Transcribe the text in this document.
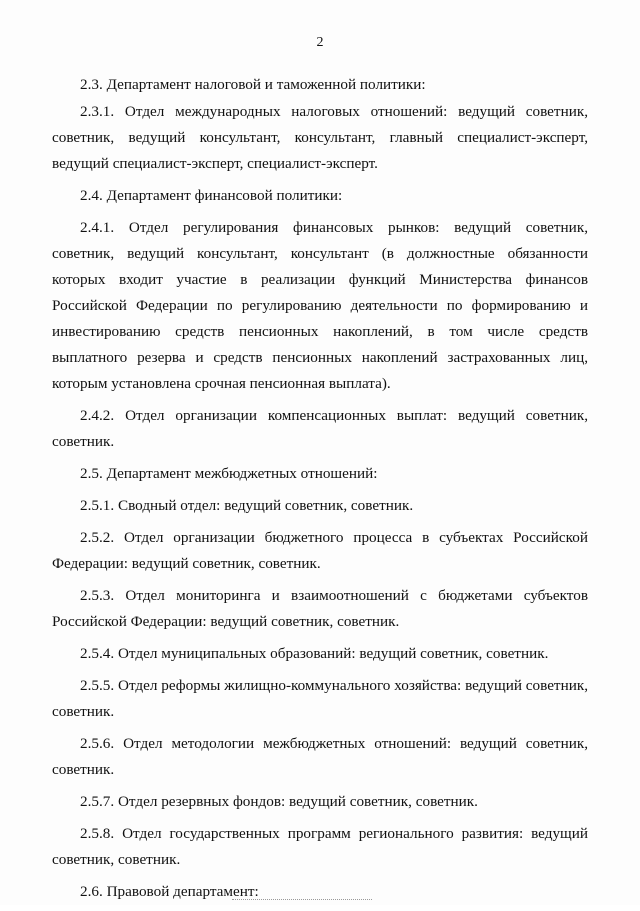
2

2.3. Департамент налоговой и таможенной политики:

2.3.1. Отдел международных налоговых отношений: ведущий советник, советник, ведущий консультант, консультант, главный специалист-эксперт, ведущий специалист-эксперт, специалист-эксперт.

2.4. Департамент финансовой политики:

2.4.1. Отдел регулирования финансовых рынков: ведущий советник, советник, ведущий консультант, консультант (в должностные обязанности которых входит участие в реализации функций Министерства финансов Российской Федерации по регулированию деятельности по формированию и инвестированию средств пенсионных накоплений, в том числе средств выплатного резерва и средств пенсионных накоплений застрахованных лиц, которым установлена срочная пенсионная выплата).

2.4.2. Отдел организации компенсационных выплат: ведущий советник, советник.

2.5. Департамент межбюджетных отношений:

2.5.1. Сводный отдел: ведущий советник, советник.

2.5.2. Отдел организации бюджетного процесса в субъектах Российской Федерации: ведущий советник, советник.

2.5.3. Отдел мониторинга и взаимоотношений с бюджетами субъектов Российской Федерации: ведущий советник, советник.

2.5.4. Отдел муниципальных образований: ведущий советник, советник.

2.5.5. Отдел реформы жилищно-коммунального хозяйства: ведущий советник, советник.

2.5.6. Отдел методологии межбюджетных отношений: ведущий советник, советник.

2.5.7. Отдел резервных фондов: ведущий советник, советник.

2.5.8. Отдел государственных программ регионального развития: ведущий советник, советник.

2.6. Правовой департамент:
